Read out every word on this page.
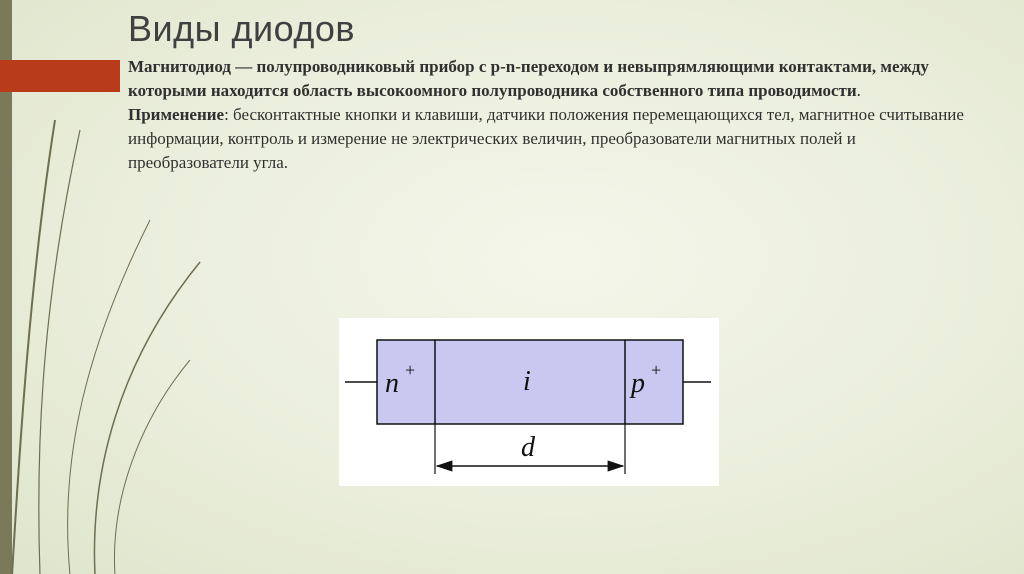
Виды диодов

Магнитодиод — полупроводниковый прибор с p-n-переходом и невыпрямляющими контактами, между которыми находится область высокоомного полупроводника собственного типа проводимости.

Применение: бесконтактные кнопки и клавиши, датчики положения перемещающихся тел, магнитное считывание информации, контроль и измерение не электрических величин, преобразователи магнитных полей и преобразователи угла.

n +	i	p +
d
